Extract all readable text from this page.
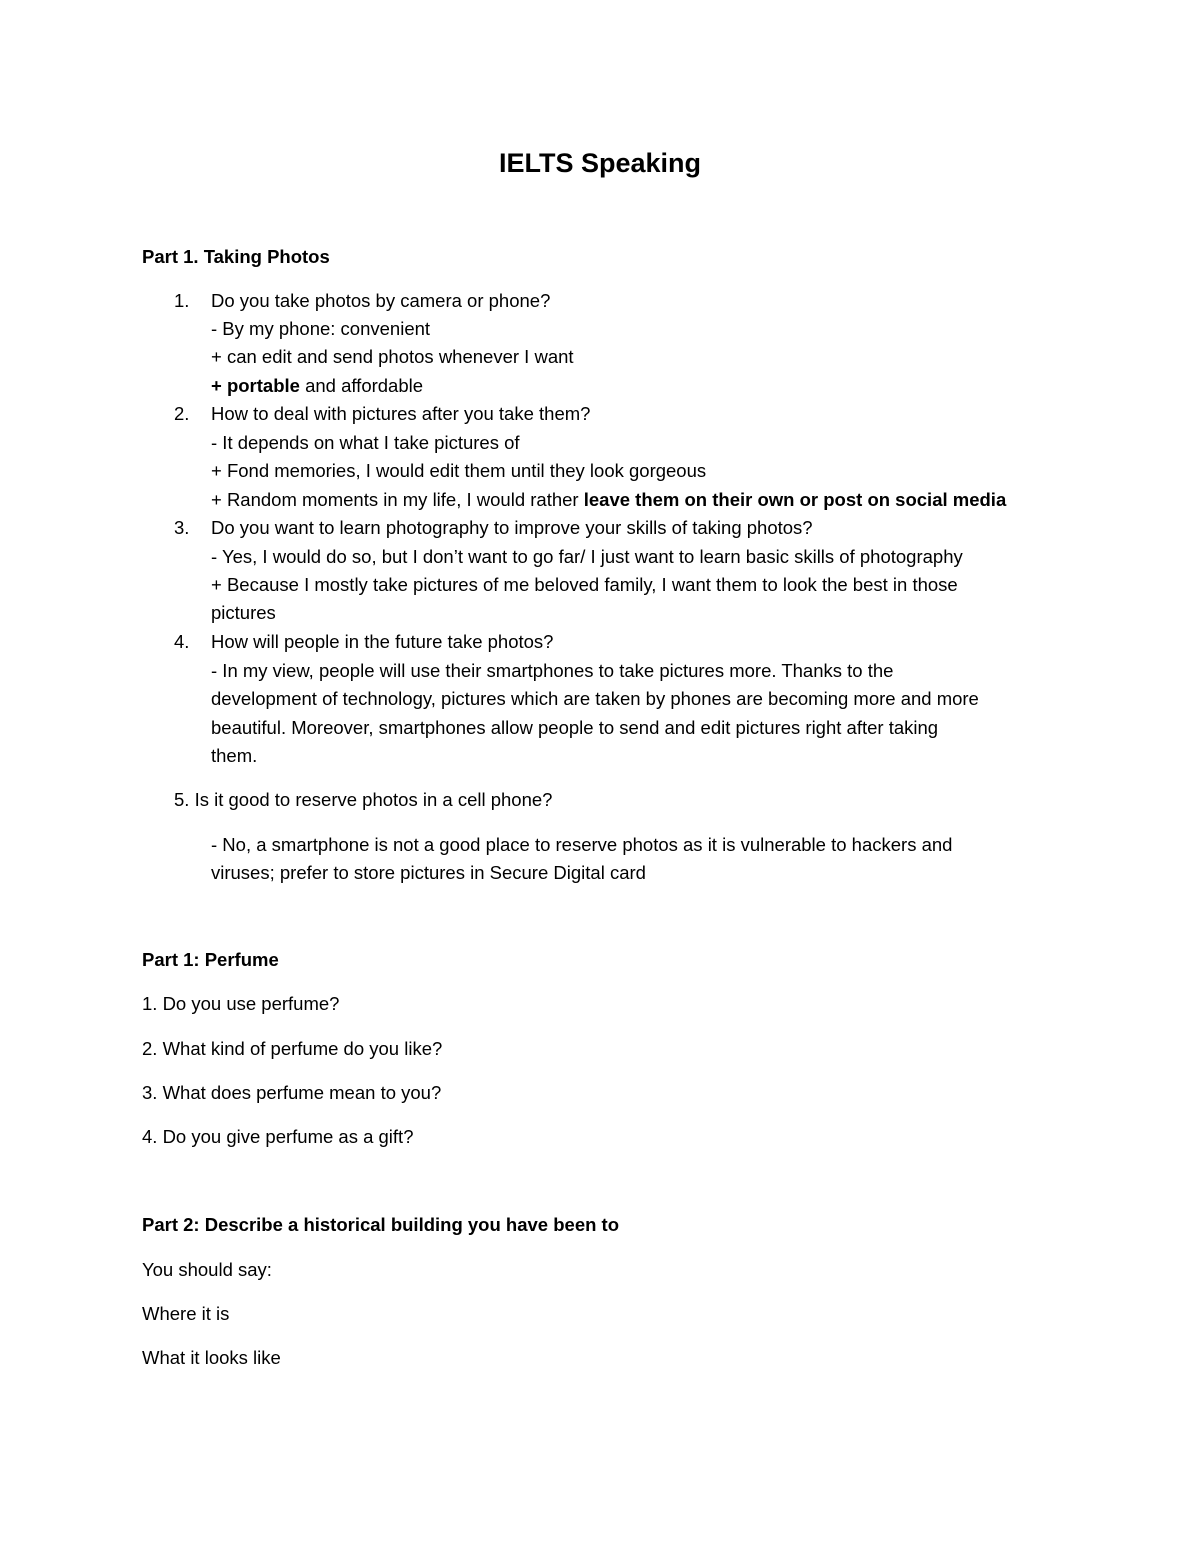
IELTS Speaking
Part 1. Taking Photos
1. Do you take photos by camera or phone?
- By my phone: convenient
+ can edit and send photos whenever I want
+ portable and affordable
2. How to deal with pictures after you take them?
- It depends on what I take pictures of
+ Fond memories, I would edit them until they look gorgeous
+ Random moments in my life, I would rather leave them on their own or post on social media
3. Do you want to learn photography to improve your skills of taking photos?
- Yes, I would do so, but I don’t want to go far/ I just want to learn basic skills of photography
+ Because I mostly take pictures of me beloved family, I want them to look the best in those
pictures
4. How will people in the future take photos?
- In my view, people will use their smartphones to take pictures more. Thanks to the
development of technology, pictures which are taken by phones are becoming more and more
beautiful. Moreover, smartphones allow people to send and edit pictures right after taking
them.
5. Is it good to reserve photos in a cell phone?
- No, a smartphone is not a good place to reserve photos as it is vulnerable to hackers and
viruses; prefer to store pictures in Secure Digital card
Part 1: Perfume
1. Do you use perfume?
2. What kind of perfume do you like?
3. What does perfume mean to you?
4. Do you give perfume as a gift?
Part 2: Describe a historical building you have been to
You should say:
Where it is
What it looks like
